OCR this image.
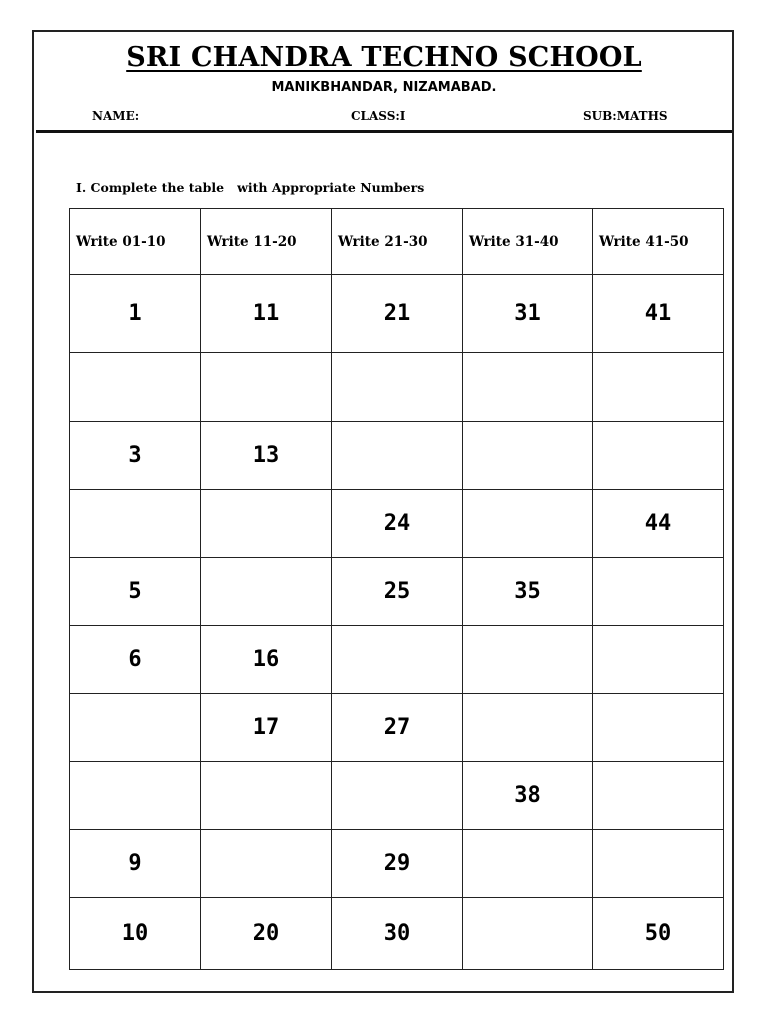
SRI CHANDRA TECHNO SCHOOL
MANIKBHANDAR, NIZAMABAD.
NAME:	CLASS:I	SUB:MATHS
I. Complete the table   with Appropriate Numbers
Write 01-10	Write 11-20	Write 21-30	Write 31-40	Write 41-50
1	11	21	31	41

3	13			
		24		44
5		25	35	
6	16			
	17	27		
			38	
9		29		
10	20	30		50
